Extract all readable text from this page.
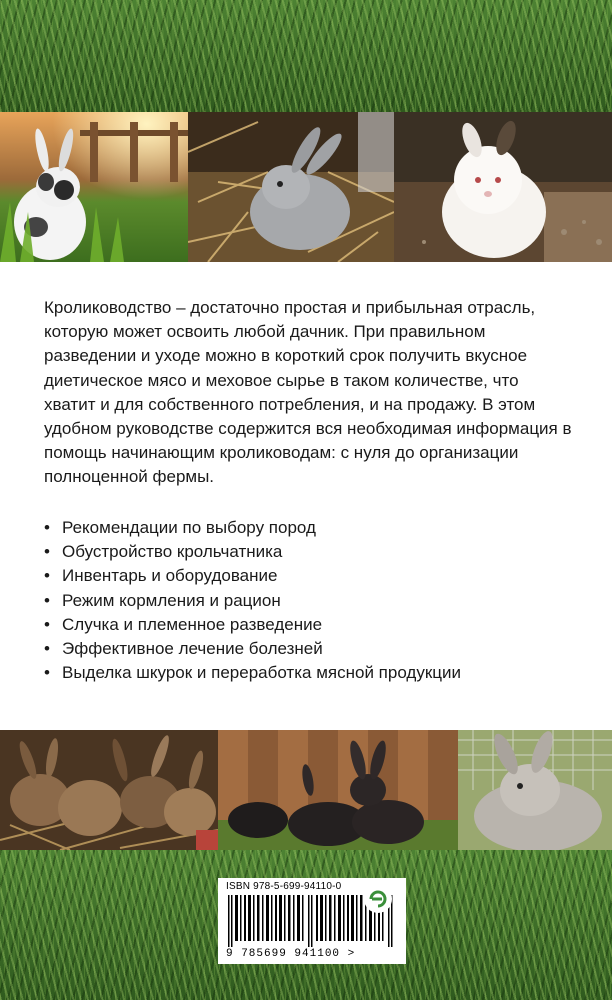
Кролиководство – достаточно простая и прибыльная отрасль, которую может освоить любой дачник. При правильном разведении и уходе можно в короткий срок получить вкусное диетическое мясо и меховое сырье в таком количестве, что хватит и для собственного потребления, и на продажу. В этом удобном руководстве содержится вся необходимая информация в помощь начинающим кролиководам: с нуля до организации полноценной фермы.

• Рекомендации по выбору пород
• Обустройство крольчатника
• Инвентарь и оборудование
• Режим кормления и рацион
• Случка и племенное разведение
• Эффективное лечение болезней
• Выделка шкурок и переработка мясной продукции
ISBN 978-5-699-94110-0
9 785699 941100 >
